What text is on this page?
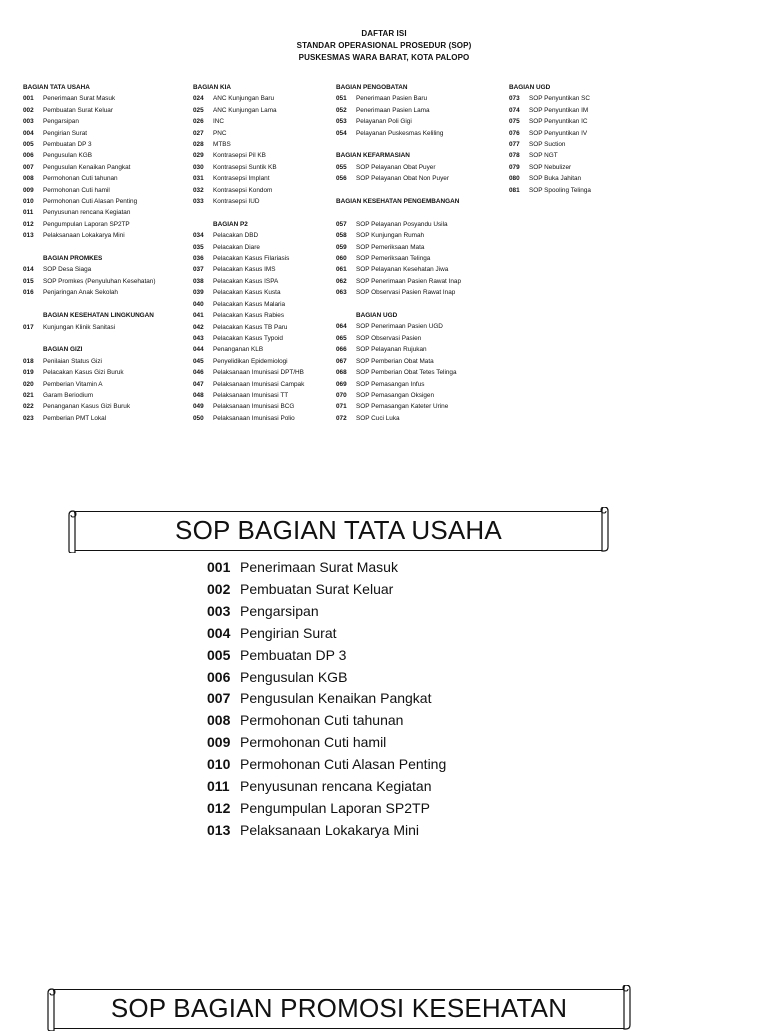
DAFTAR ISI
STANDAR OPERASIONAL PROSEDUR (SOP)
PUSKESMAS WARA BARAT, KOTA PALOPO
BAGIAN TATA USAHA
001	Penerimaan Surat Masuk
002	Pembuatan Surat Keluar
003	Pengarsipan
004	Pengirian Surat
005	Pembuatan DP 3
006	Pengusulan KGB
007	Pengusulan Kenaikan Pangkat
008	Permohonan Cuti tahunan
009	Permohonan Cuti hamil
010	Permohonan Cuti Alasan Penting
011	Penyusunan rencana Kegiatan
012	Pengumpulan Laporan SP2TP
013	Pelaksanaan Lokakarya Mini
BAGIAN PROMKES
014	SOP Desa Siaga
015	SOP Promkes (Penyuluhan Kesehatan)
016	Penjaringan Anak Sekolah
BAGIAN KESEHATAN LINGKUNGAN
017	Kunjungan Klinik Sanitasi
BAGIAN GIZI
018	Penilaian Status Gizi
019	Pelacakan Kasus Gizi Buruk
020	Pemberian Vitamin A
021	Garam Beriodium
022	Penanganan Kasus Gizi Buruk
023	Pemberian PMT Lokal
BAGIAN KIA
024	ANC Kunjungan Baru
025	ANC Kunjungan Lama
026	INC
027	PNC
028	MTBS
029	Kontrasepsi Pil KB
030	Kontrasepsi Suntik KB
031	Kontrasepsi Implant
032	Kontrasepsi Kondom
033	Kontrasepsi IUD
BAGIAN P2
034	Pelacakan DBD
035	Pelacakan Diare
036	Pelacakan Kasus Filariasis
037	Pelacakan Kasus IMS
038	Pelacakan Kasus ISPA
039	Pelacakan Kasus Kusta
040	Pelacakan Kasus Malaria
041	Pelacakan Kasus Rabies
042	Pelacakan Kasus TB Paru
043	Pelacakan Kasus Typoid
044	Penanganan KLB
045	Penyelidikan Epidemiologi
046	Pelaksanaan Imunisasi DPT/HB
047	Pelaksanaan Imunisasi Campak
048	Pelaksanaan Imunisasi TT
049	Pelaksanaan Imunisasi BCG
050	Pelaksanaan Imunisasi Polio
BAGIAN PENGOBATAN
051	Penerimaan Pasien Baru
052	Penerimaan Pasien Lama
053	Pelayanan Poli Gigi
054	Pelayanan Puskesmas Keliling
BAGIAN KEFARMASIAN
055	SOP Pelayanan Obat Puyer
056	SOP Pelayanan Obat Non Puyer
BAGIAN KESEHATAN PENGEMBANGAN
057	SOP Pelayanan Posyandu Usila
058	SOP Kunjungan Rumah
059	SOP Pemeriksaan Mata
060	SOP Pemeriksaan Telinga
061	SOP Pelayanan Kesehatan Jiwa
062	SOP Penerimaan Pasien Rawat Inap
063	SOP Observasi Pasien Rawat Inap
BAGIAN UGD
064	SOP Penerimaan Pasien UGD
065	SOP Observasi Pasien
066	SOP Pelayanan Rujukan
067	SOP Pemberian Obat Mata
068	SOP Pemberian Obat Tetes Telinga
069	SOP Pemasangan Infus
070	SOP Pemasangan Oksigen
071	SOP Pemasangan Kateter Urine
072	SOP Cuci Luka
BAGIAN UGD
073	SOP Penyuntikan SC
074	SOP Penyuntikan IM
075	SOP Penyuntikan IC
076	SOP Penyuntikan IV
077	SOP Suction
078	SOP NGT
079	SOP Nebulizer
080	SOP Buka Jahitan
081	SOP Spooling Telinga
SOP BAGIAN TATA USAHA
001 Penerimaan Surat Masuk
002 Pembuatan Surat Keluar
003 Pengarsipan
004 Pengirian Surat
005 Pembuatan DP 3
006 Pengusulan KGB
007 Pengusulan Kenaikan Pangkat
008 Permohonan Cuti tahunan
009 Permohonan Cuti hamil
010 Permohonan Cuti Alasan Penting
011 Penyusunan rencana Kegiatan
012 Pengumpulan Laporan SP2TP
013 Pelaksanaan Lokakarya Mini
SOP BAGIAN PROMOSI KESEHATAN
